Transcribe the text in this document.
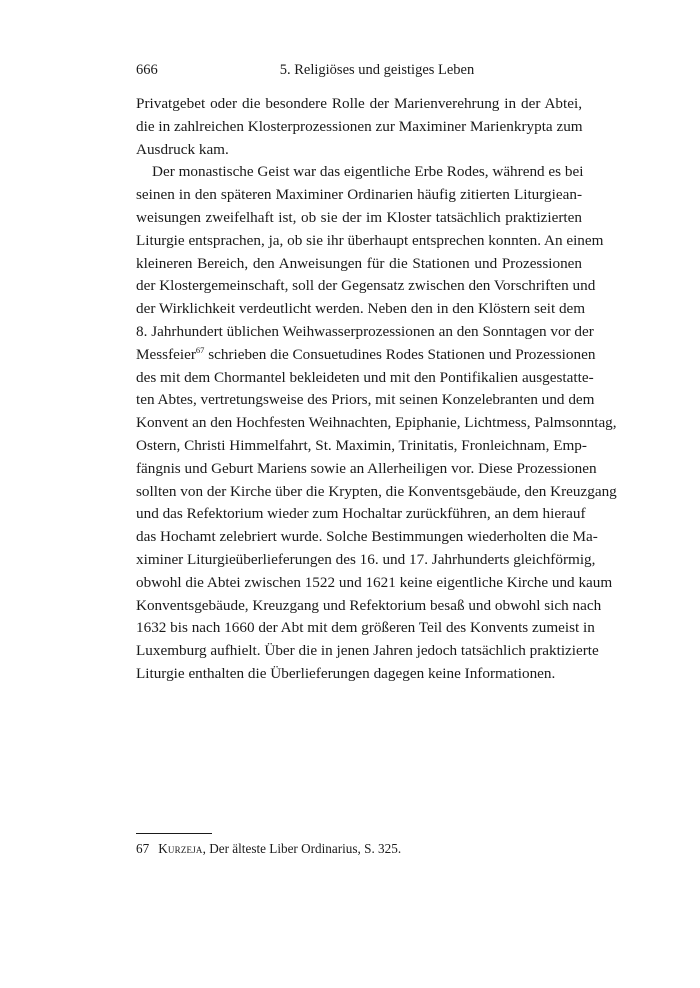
666	5. Religiöses und geistiges Leben
Privatgebet oder die besondere Rolle der Marienverehrung in der Abtei,
die in zahlreichen Klosterprozessionen zur Maximiner Marienkrypta zum
Ausdruck kam.
Der monastische Geist war das eigentliche Erbe Rodes, während es bei
seinen in den späteren Maximiner Ordinarien häufig zitierten Liturgiean-
weisungen zweifelhaft ist, ob sie der im Kloster tatsächlich praktizierten
Liturgie entsprachen, ja, ob sie ihr überhaupt entsprechen konnten. An einem
kleineren Bereich, den Anweisungen für die Stationen und Prozessionen
der Klostergemeinschaft, soll der Gegensatz zwischen den Vorschriften und
der Wirklichkeit verdeutlicht werden. Neben den in den Klöstern seit dem
8. Jahrhundert üblichen Weihwasserprozessionen an den Sonntagen vor der
Messfeier$^{67}$ schrieben die Consuetudines Rodes Stationen und Prozessionen
des mit dem Chormantel bekleideten und mit den Pontifikalien ausgestatte-
ten Abtes, vertretungsweise des Priors, mit seinen Konzelebranten und dem
Konvent an den Hochfesten Weihnachten, Epiphanie, Lichtmess, Palmsonntag,
Ostern, Christi Himmelfahrt, St. Maximin, Trinitatis, Fronleichnam, Emp-
fängnis und Geburt Mariens sowie an Allerheiligen vor. Diese Prozessionen
sollten von der Kirche über die Krypten, die Konventsgebäude, den Kreuzgang
und das Refektorium wieder zum Hochaltar zurückführen, an dem hierauf
das Hochamt zelebriert wurde. Solche Bestimmungen wiederholten die Ma-
ximiner Liturgieüberlieferungen des 16. und 17. Jahrhunderts gleichförmig,
obwohl die Abtei zwischen 1522 und 1621 keine eigentliche Kirche und kaum
Konventsgebäude, Kreuzgang und Refektorium besaß und obwohl sich nach
1632 bis nach 1660 der Abt mit dem größeren Teil des Konvents zumeist in
Luxemburg aufhielt. Über die in jenen Jahren jedoch tatsächlich praktizierte
Liturgie enthalten die Überlieferungen dagegen keine Informationen.
67 Kurzeja, Der älteste Liber Ordinarius, S. 325.
